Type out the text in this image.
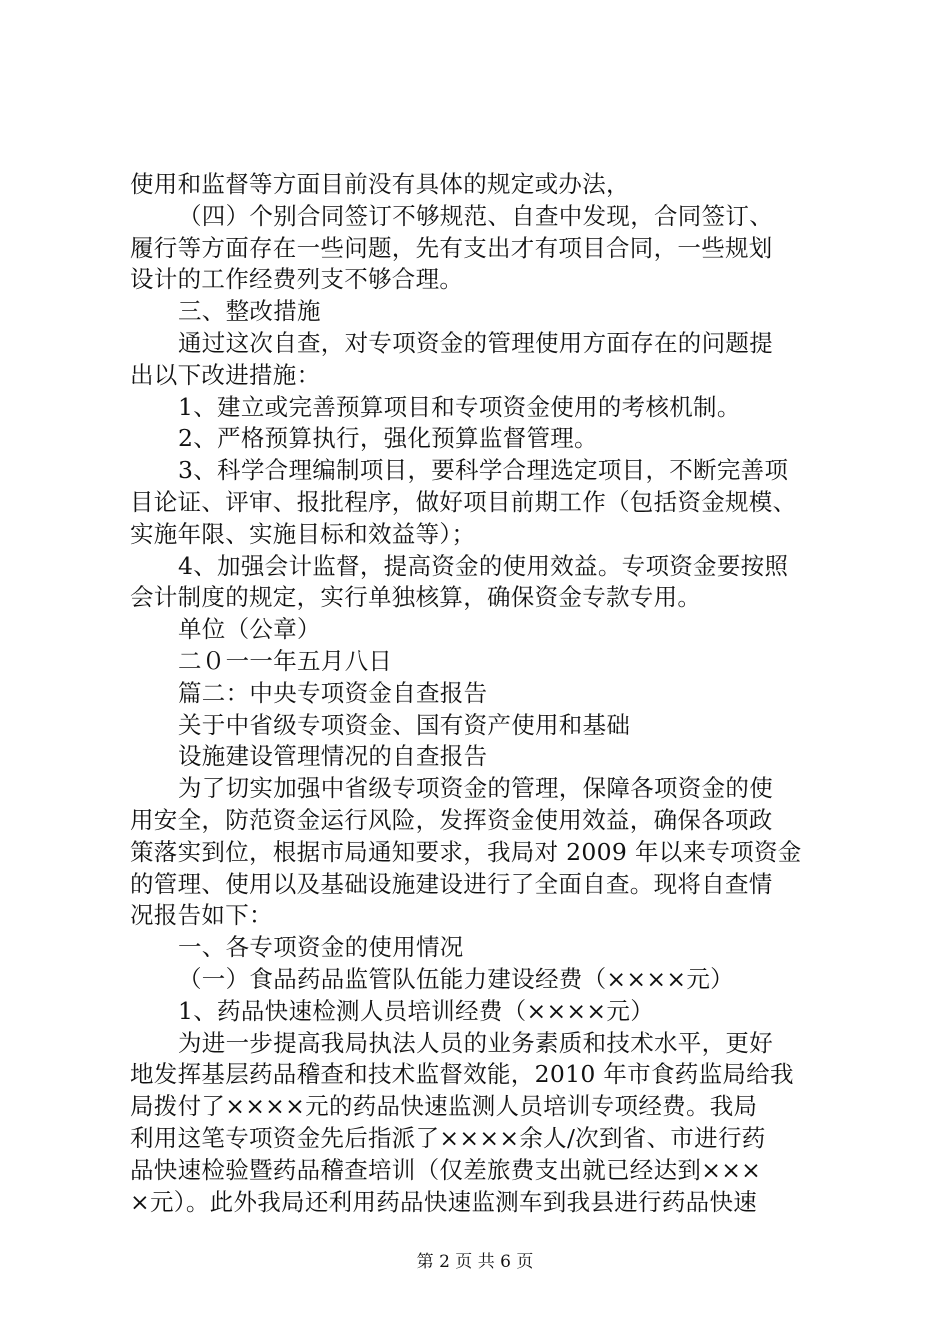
使用和监督等方面目前没有具体的规定或办法，
（四）个别合同签订不够规范、自查中发现，合同签订、
履行等方面存在一些问题，先有支出才有项目合同，一些规划
设计的工作经费列支不够合理。
三、整改措施
通过这次自查，对专项资金的管理使用方面存在的问题提
出以下改进措施：
1、建立或完善预算项目和专项资金使用的考核机制。
2、严格预算执行，强化预算监督管理。
3、科学合理编制项目，要科学合理选定项目，不断完善项
目论证、评审、报批程序，做好项目前期工作（包括资金规模、
实施年限、实施目标和效益等）；
4、加强会计监督，提高资金的使用效益。专项资金要按照
会计制度的规定，实行单独核算，确保资金专款专用。
单位（公章）
二０一一年五月八日
篇二：中央专项资金自查报告
关于中省级专项资金、国有资产使用和基础
设施建设管理情况的自查报告
为了切实加强中省级专项资金的管理，保障各项资金的使
用安全，防范资金运行风险，发挥资金使用效益，确保各项政
策落实到位，根据市局通知要求，我局对 2009 年以来专项资金
的管理、使用以及基础设施建设进行了全面自查。现将自查情
况报告如下：
一、各专项资金的使用情况
（一）食品药品监管队伍能力建设经费（××××元）
1、药品快速检测人员培训经费（××××元）
为进一步提高我局执法人员的业务素质和技术水平，更好
地发挥基层药品稽查和技术监督效能，2010 年市食药监局给我
局拨付了××××元的药品快速监测人员培训专项经费。我局
利用这笔专项资金先后指派了××××余人/次到省、市进行药
品快速检验暨药品稽查培训（仅差旅费支出就已经达到×××
×元）。此外我局还利用药品快速监测车到我县进行药品快速
第 2 页 共 6 页
